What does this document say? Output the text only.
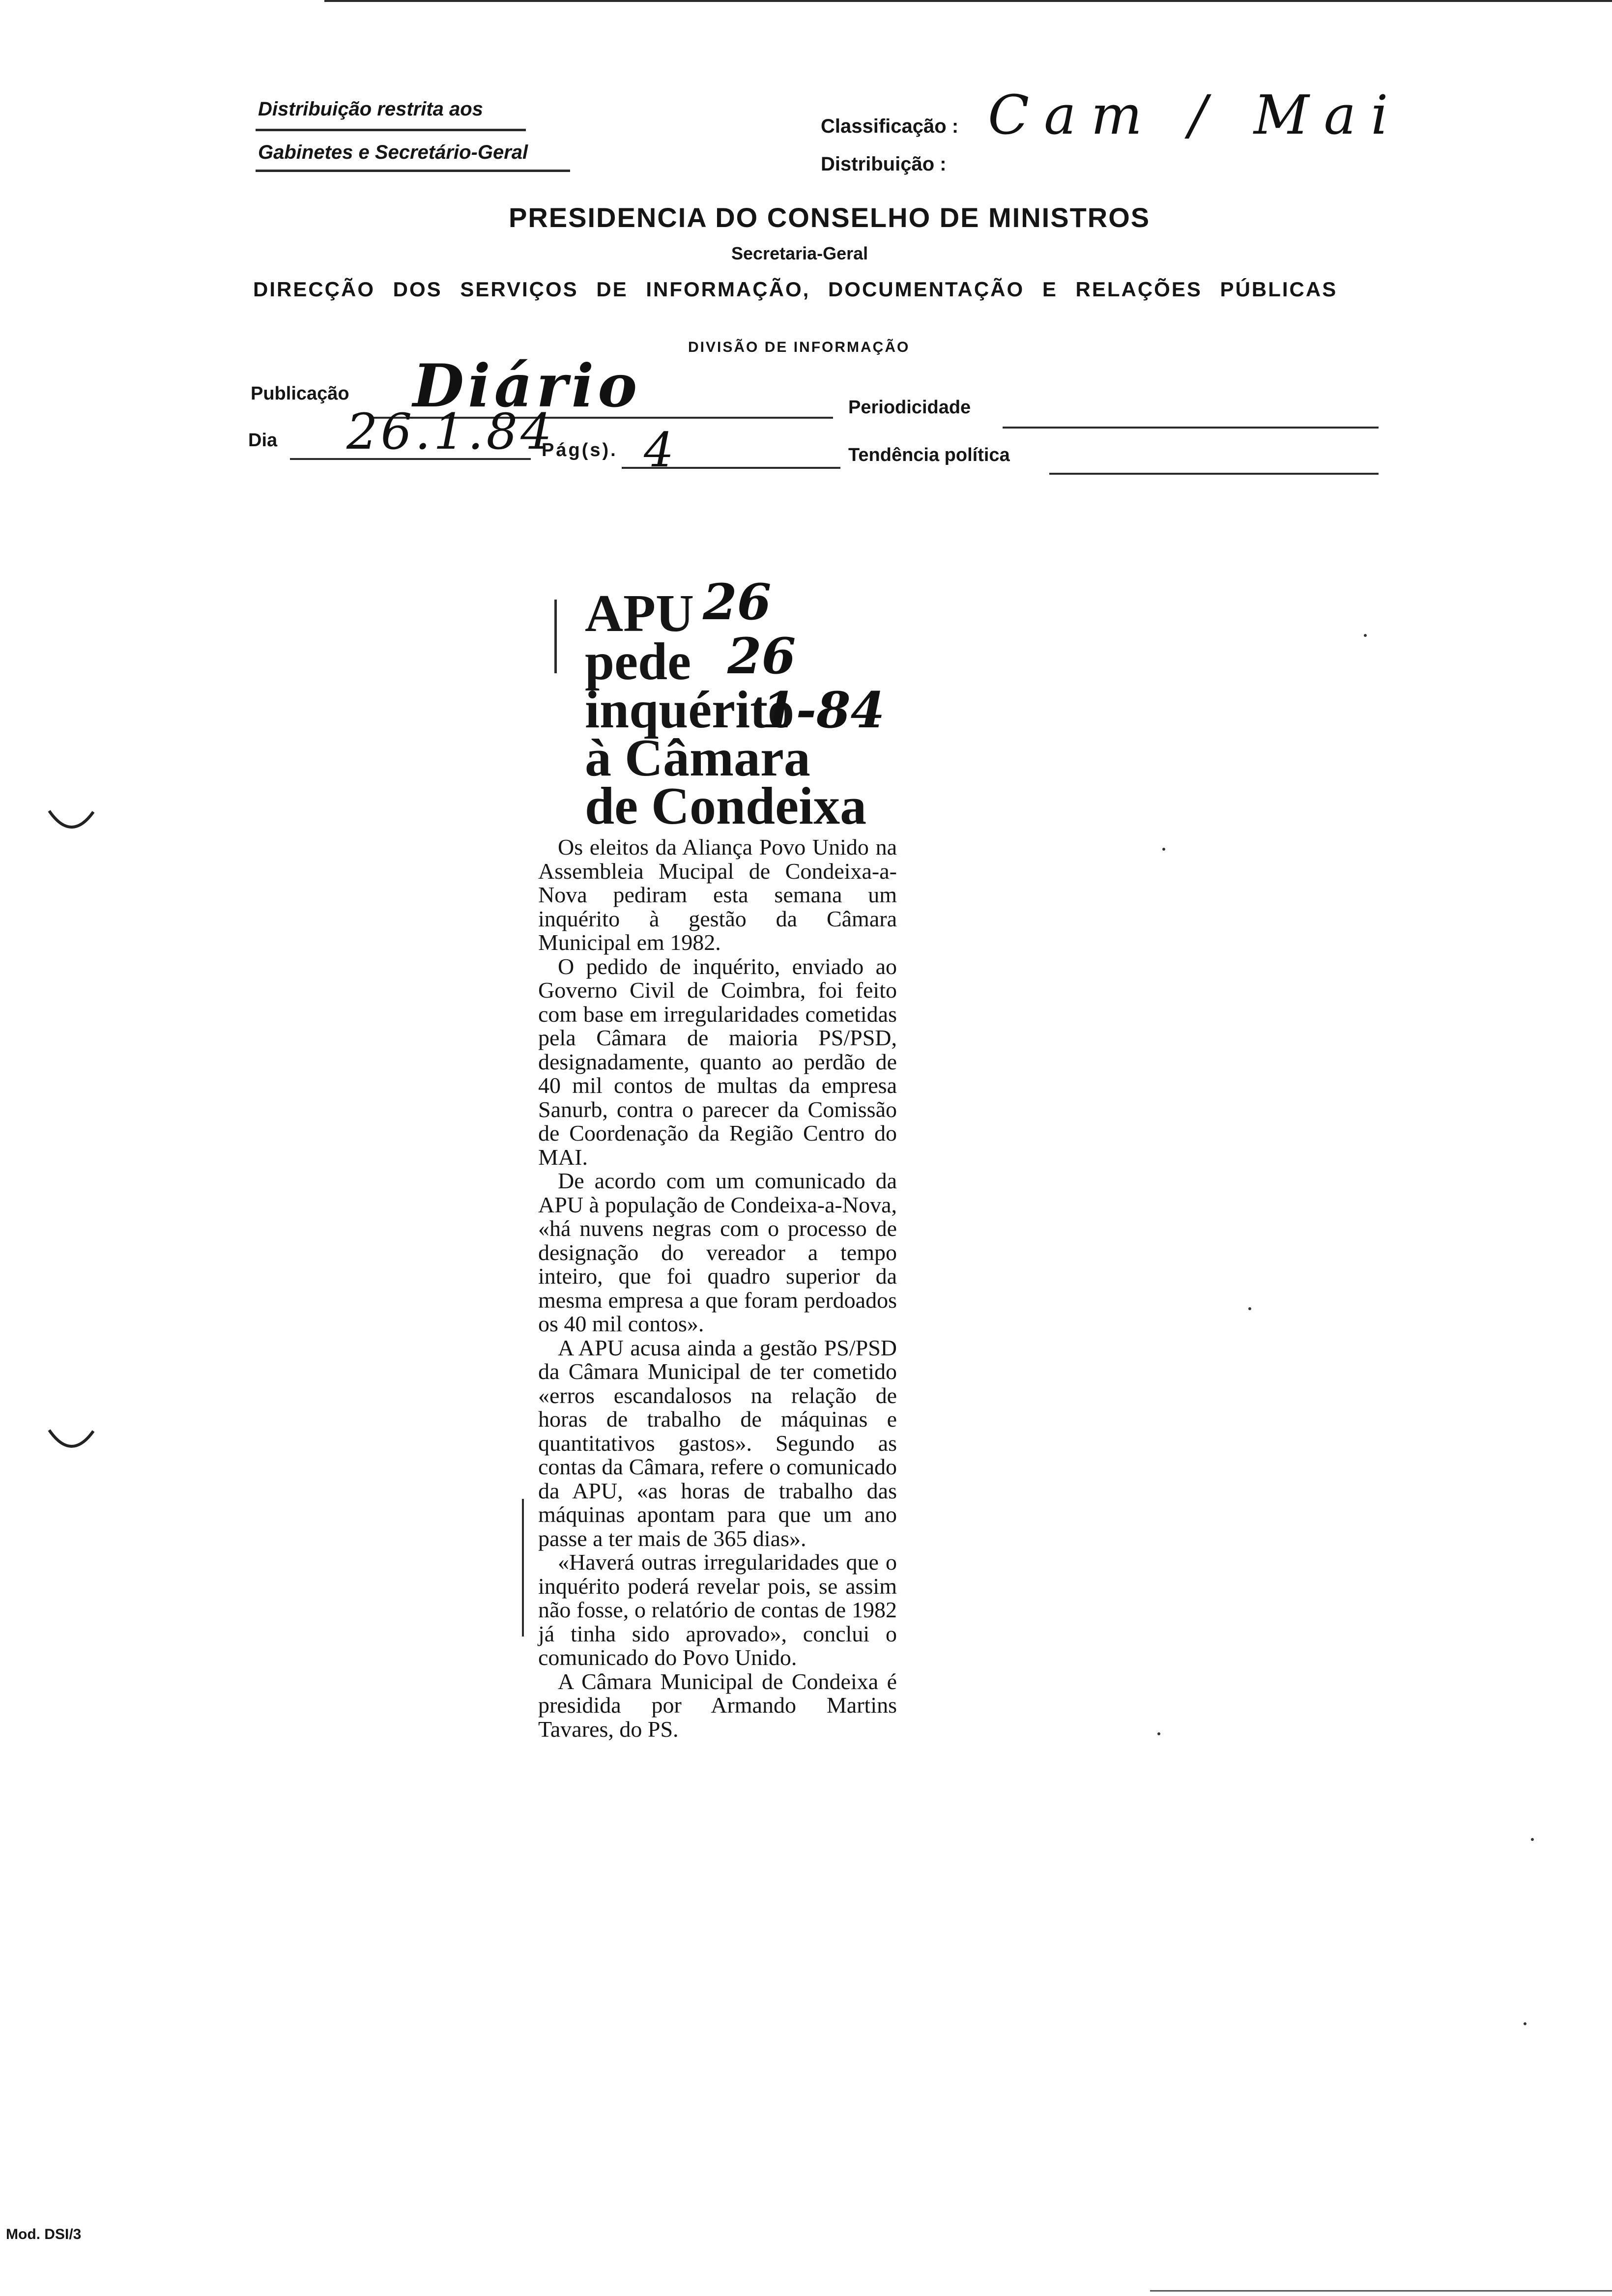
Distribuição restrita aos
Gabinetes e Secretário-Geral
Classificação : Cam / Mai
Distribuição :
PRESIDENCIA DO CONSELHO DE MINISTROS
Secretaria-Geral
DIRECÇÃO DOS SERVIÇOS DE INFORMAÇÃO, DOCUMENTAÇÃO E RELAÇÕES PÚBLICAS
DIVISÃO DE INFORMAÇÃO
Publicação Diário	Periodicidade
Dia 26.1.84
Pág(s). 4	Tendência política
APU
pede
inquérito
à Câmara
de Condeixa
26
26
1-84

Os eleitos da Aliança Povo Unido na Assembleia Mucipal de Condeixa-a-Nova pediram esta semana um inquérito à gestão da Câmara Municipal em 1982.

O pedido de inquérito, enviado ao Governo Civil de Coimbra, foi feito com base em irregularidades cometidas pela Câmara de maioria PS/PSD, designadamente, quanto ao perdão de 40 mil contos de multas da empresa Sanurb, contra o parecer da Comissão de Coordenação da Região Centro do MAI.

De acordo com um comunicado da APU à população de Condeixa-a-Nova, «há nuvens negras com o processo de designação do vereador a tempo inteiro, que foi quadro superior da mesma empresa a que foram perdoados os 40 mil contos».

A APU acusa ainda a gestão PS/PSD da Câmara Municipal de ter cometido «erros escandalosos na relação de horas de trabalho de máquinas e quantitativos gastos». Segundo as contas da Câmara, refere o comunicado da APU, «as horas de trabalho das máquinas apontam para que um ano passe a ter mais de 365 dias».

«Haverá outras irregularidades que o inquérito poderá revelar pois, se assim não fosse, o relatório de contas de 1982 já tinha sido aprovado», conclui o comunicado do Povo Unido.

A Câmara Municipal de Condeixa é presidida por Armando Martins Tavares, do PS.

Mod. DSI/3
